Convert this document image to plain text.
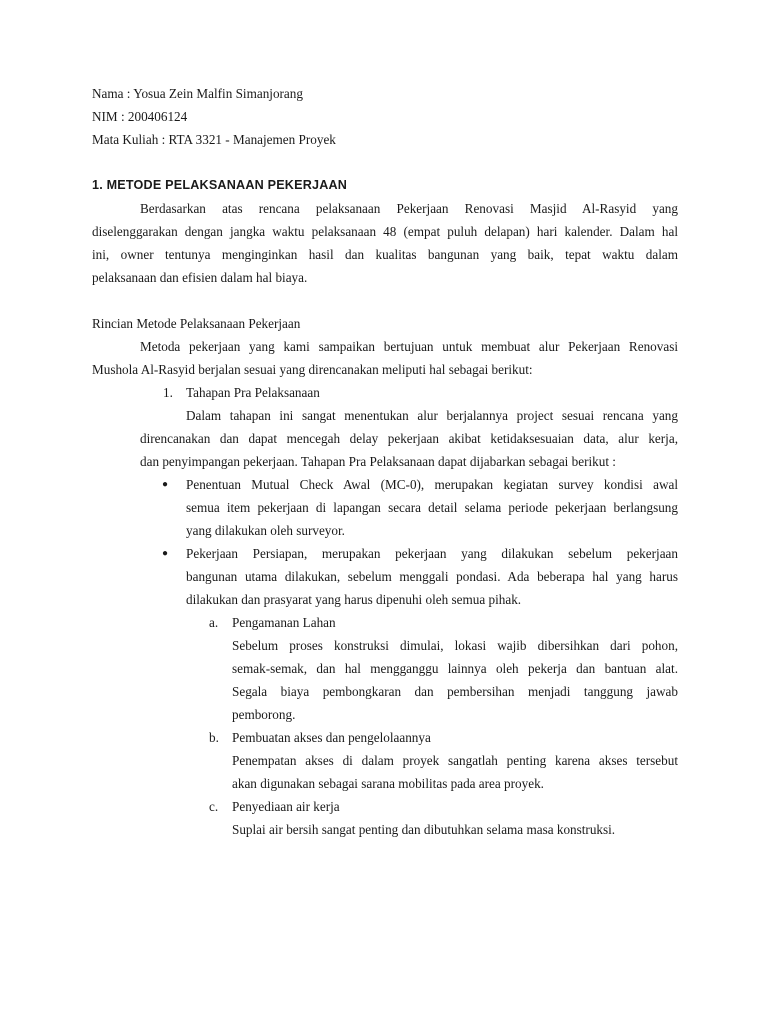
Nama : Yosua Zein Malfin Simanjorang
NIM : 200406124
Mata Kuliah : RTA 3321 - Manajemen Proyek
1. METODE PELAKSANAAN PEKERJAAN
Berdasarkan atas rencana pelaksanaan Pekerjaan Renovasi Masjid Al-Rasyid yang
diselenggarakan dengan jangka waktu pelaksanaan 48 (empat puluh delapan) hari kalender. Dalam hal
ini, owner tentunya menginginkan hasil dan kualitas bangunan yang baik, tepat waktu dalam
pelaksanaan dan efisien dalam hal biaya.
Rincian Metode Pelaksanaan Pekerjaan
Metoda pekerjaan yang kami sampaikan bertujuan untuk membuat alur Pekerjaan Renovasi
Mushola Al-Rasyid berjalan sesuai yang direncanakan meliputi hal sebagai berikut:
1. Tahapan Pra Pelaksanaan
Dalam tahapan ini sangat menentukan alur berjalannya project sesuai rencana yang
direncanakan dan dapat mencegah delay pekerjaan akibat ketidaksesuaian data, alur kerja,
dan penyimpangan pekerjaan. Tahapan Pra Pelaksanaan dapat dijabarkan sebagai berikut :
● Penentuan Mutual Check Awal (MC-0), merupakan kegiatan survey kondisi awal
semua item pekerjaan di lapangan secara detail selama periode pekerjaan berlangsung
yang dilakukan oleh surveyor.
● Pekerjaan Persiapan, merupakan pekerjaan yang dilakukan sebelum pekerjaan
bangunan utama dilakukan, sebelum menggali pondasi. Ada beberapa hal yang harus
dilakukan dan prasyarat yang harus dipenuhi oleh semua pihak.
a. Pengamanan Lahan
Sebelum proses konstruksi dimulai, lokasi wajib dibersihkan dari pohon,
semak-semak, dan hal mengganggu lainnya oleh pekerja dan bantuan alat.
Segala biaya pembongkaran dan pembersihan menjadi tanggung jawab
pemborong.
b. Pembuatan akses dan pengelolaannya
Penempatan akses di dalam proyek sangatlah penting karena akses tersebut
akan digunakan sebagai sarana mobilitas pada area proyek.
c. Penyediaan air kerja
Suplai air bersih sangat penting dan dibutuhkan selama masa konstruksi.
